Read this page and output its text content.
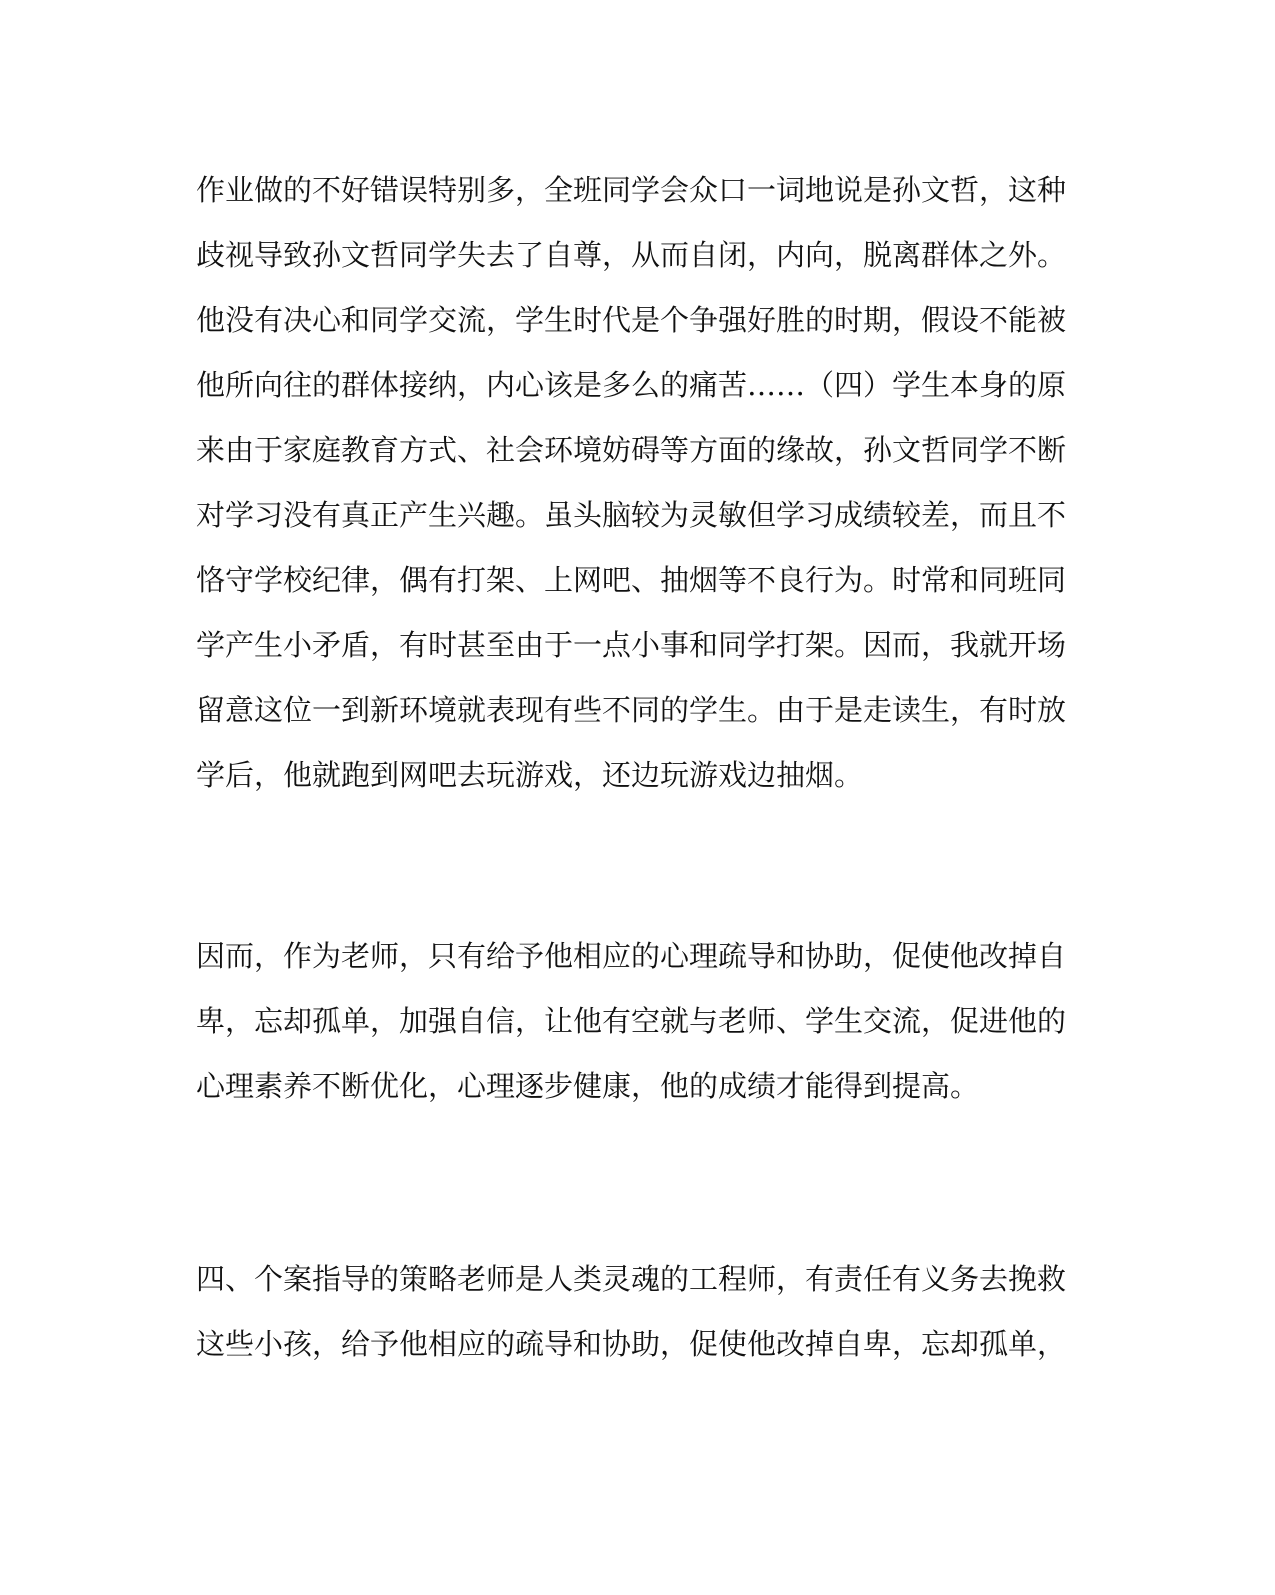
作业做的不好错误特别多，全班同学会众口一词地说是孙文哲，这种
歧视导致孙文哲同学失去了自尊，从而自闭，内向，脱离群体之外。
他没有决心和同学交流，学生时代是个争强好胜的时期，假设不能被
他所向往的群体接纳，内心该是多么的痛苦……（四）学生本身的原
来由于家庭教育方式、社会环境妨碍等方面的缘故，孙文哲同学不断
对学习没有真正产生兴趣。虽头脑较为灵敏但学习成绩较差，而且不
恪守学校纪律，偶有打架、上网吧、抽烟等不良行为。时常和同班同
学产生小矛盾，有时甚至由于一点小事和同学打架。因而，我就开场
留意这位一到新环境就表现有些不同的学生。由于是走读生，有时放
学后，他就跑到网吧去玩游戏，还边玩游戏边抽烟。
因而，作为老师，只有给予他相应的心理疏导和协助，促使他改掉自
卑，忘却孤单，加强自信，让他有空就与老师、学生交流，促进他的
心理素养不断优化，心理逐步健康，他的成绩才能得到提高。
四、个案指导的策略老师是人类灵魂的工程师，有责任有义务去挽救
这些小孩，给予他相应的疏导和协助，促使他改掉自卑，忘却孤单，
